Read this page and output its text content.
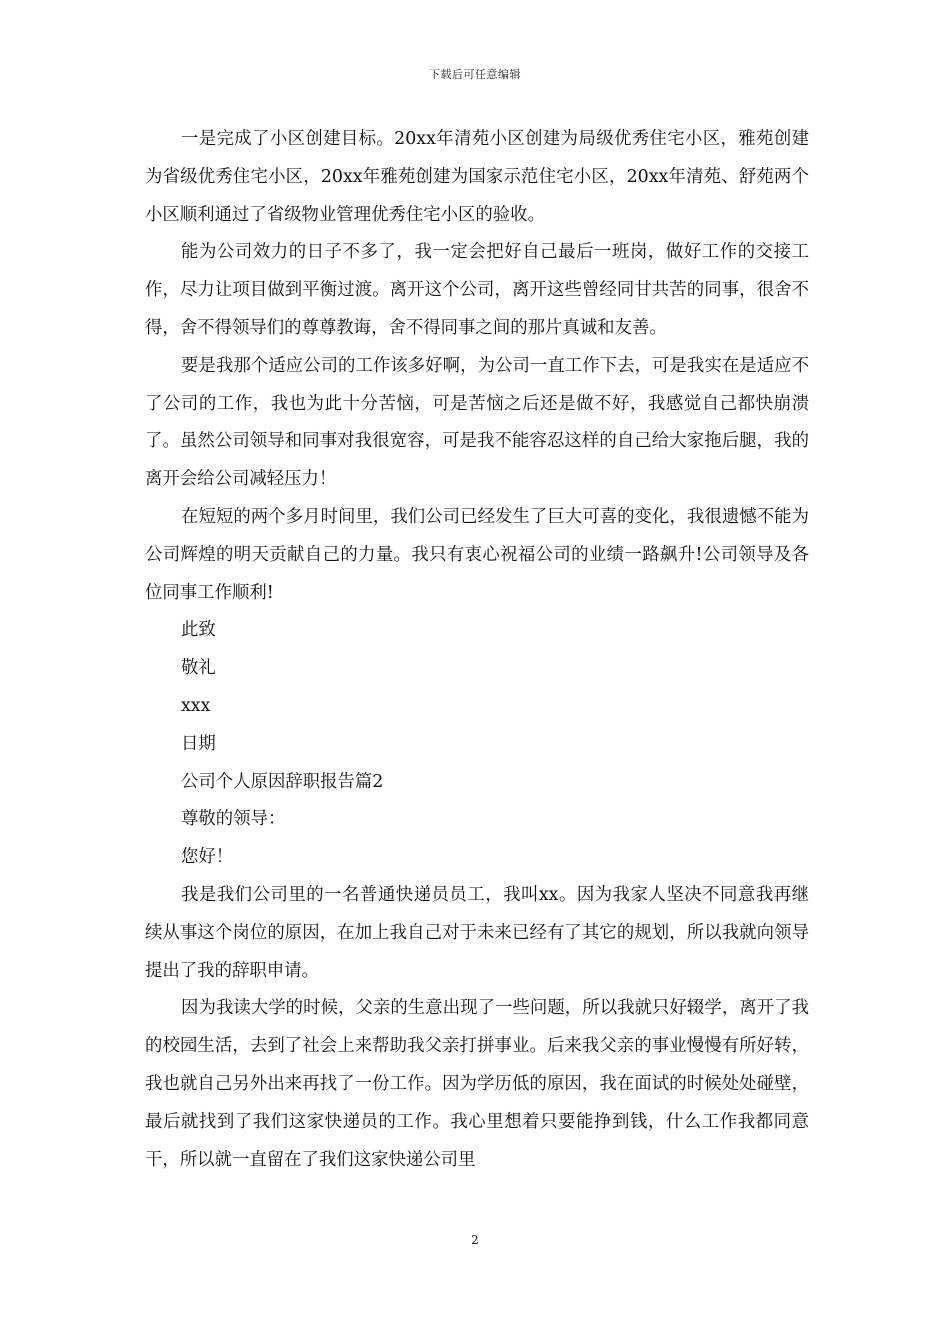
下载后可任意编辑

一是完成了小区创建目标。20xx年清苑小区创建为局级优秀住宅小区，雅苑创建为省级优秀住宅小区，20xx年雅苑创建为国家示范住宅小区，20xx年清苑、舒苑两个小区顺利通过了省级物业管理优秀住宅小区的验收。

能为公司效力的日子不多了，我一定会把好自己最后一班岗，做好工作的交接工作，尽力让项目做到平衡过渡。离开这个公司，离开这些曾经同甘共苦的同事，很舍不得，舍不得领导们的尊尊教诲，舍不得同事之间的那片真诚和友善。

要是我那个适应公司的工作该多好啊，为公司一直工作下去，可是我实在是适应不了公司的工作，我也为此十分苦恼，可是苦恼之后还是做不好，我感觉自己都快崩溃了。虽然公司领导和同事对我很宽容，可是我不能容忍这样的自己给大家拖后腿，我的离开会给公司减轻压力！

在短短的两个多月时间里，我们公司已经发生了巨大可喜的变化，我很遗憾不能为公司辉煌的明天贡献自己的力量。我只有衷心祝福公司的业绩一路飙升!公司领导及各位同事工作顺利!

此致

敬礼

xxx

日期

公司个人原因辞职报告篇2

尊敬的领导：

您好！

我是我们公司里的一名普通快递员员工，我叫xx。因为我家人坚决不同意我再继续从事这个岗位的原因，在加上我自己对于未来已经有了其它的规划，所以我就向领导提出了我的辞职申请。

因为我读大学的时候，父亲的生意出现了一些问题，所以我就只好辍学，离开了我的校园生活，去到了社会上来帮助我父亲打拼事业。后来我父亲的事业慢慢有所好转，我也就自己另外出来再找了一份工作。因为学历低的原因，我在面试的时候处处碰壁，最后就找到了我们这家快递员的工作。我心里想着只要能挣到钱，什么工作我都同意干，所以就一直留在了我们这家快递公司里

2
